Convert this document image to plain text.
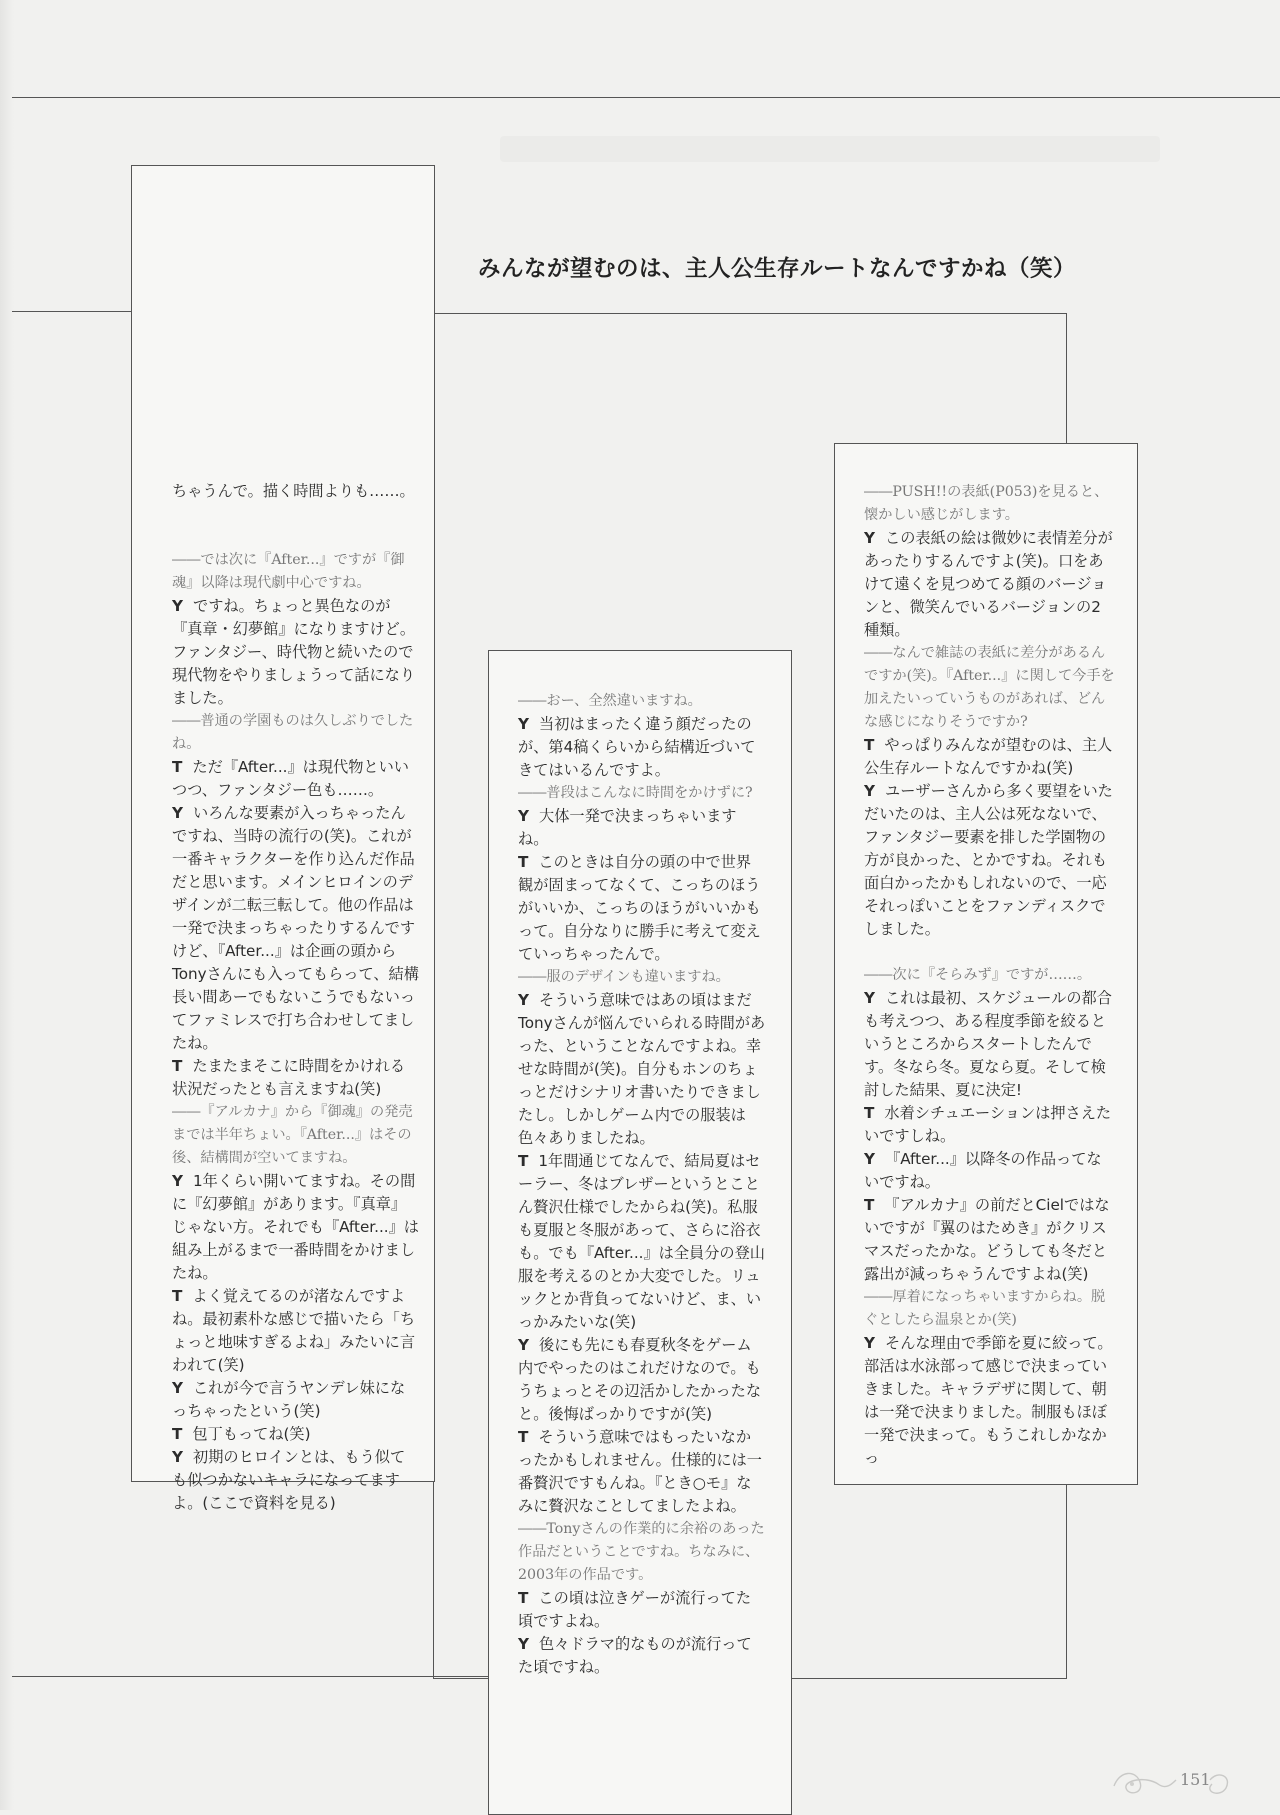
みんなが望むのは、主人公生存ルートなんですかね（笑）

ちゃうんで。描く時間よりも……。

――では次に『After...』ですが『御魂』以降は現代劇中心ですね。

Y ですね。ちょっと異色なのが『真章・幻夢館』になりますけど。ファンタジー、時代物と続いたので現代物をやりましょうって話になりました。

――普通の学園ものは久しぶりでしたね。

T ただ『After...』は現代物といいつつ、ファンタジー色も……。

Y いろんな要素が入っちゃったんですね、当時の流行の(笑)。これが一番キャラクターを作り込んだ作品だと思います。メインヒロインのデザインが二転三転して。他の作品は一発で決まっちゃったりするんですけど、『After...』は企画の頭からTonyさんにも入ってもらって、結構長い間あーでもないこうでもないってファミレスで打ち合わせしてましたね。

T たまたまそこに時間をかけれる状況だったとも言えますね(笑)

――『アルカナ』から『御魂』の発売までは半年ちょい。『After...』はその後、結構間が空いてますね。

Y 1年くらい開いてますね。その間に『幻夢館』があります。『真章』じゃない方。それでも『After...』は組み上がるまで一番時間をかけましたね。

T よく覚えてるのが渚なんですよね。最初素朴な感じで描いたら「ちょっと地味すぎるよね」みたいに言われて(笑)

Y これが今で言うヤンデレ妹になっちゃったという(笑)

T 包丁もってね(笑)

Y 初期のヒロインとは、もう似ても似つかないキャラになってますよ。(ここで資料を見る)

――おー、全然違いますね。

Y 当初はまったく違う顔だったのが、第4稿くらいから結構近づいてきてはいるんですよ。

――普段はこんなに時間をかけずに?

Y 大体一発で決まっちゃいますね。

T このときは自分の頭の中で世界観が固まってなくて、こっちのほうがいいか、こっちのほうがいいかもって。自分なりに勝手に考えて変えていっちゃったんで。

――服のデザインも違いますね。

Y そういう意味ではあの頃はまだTonyさんが悩んでいられる時間があった、ということなんですよね。幸せな時間が(笑)。自分もホンのちょっとだけシナリオ書いたりできましたし。しかしゲーム内での服装は色々ありましたね。

T 1年間通じてなんで、結局夏はセーラー、冬はブレザーというとことん贅沢仕様でしたからね(笑)。私服も夏服と冬服があって、さらに浴衣も。でも『After...』は全員分の登山服を考えるのとか大変でした。リュックとか背負ってないけど、ま、いっかみたいな(笑)

Y 後にも先にも春夏秋冬をゲーム内でやったのはこれだけなので。もうちょっとその辺活かしたかったなと。後悔ばっかりですが(笑)

T そういう意味ではもったいなかったかもしれません。仕様的には一番贅沢ですもんね。『とき○モ』なみに贅沢なことしてましたよね。

――Tonyさんの作業的に余裕のあった作品だということですね。ちなみに、2003年の作品です。

T この頃は泣きゲーが流行ってた頃ですよね。

Y 色々ドラマ的なものが流行ってた頃ですね。

――PUSH!!の表紙(P053)を見ると、懐かしい感じがします。

Y この表紙の絵は微妙に表情差分があったりするんですよ(笑)。口をあけて遠くを見つめてる顔のバージョンと、微笑んでいるバージョンの2種類。

――なんで雑誌の表紙に差分があるんですか(笑)。『After...』に関して今手を加えたいっていうものがあれば、どんな感じになりそうですか?

T やっぱりみんなが望むのは、主人公生存ルートなんですかね(笑)

Y ユーザーさんから多く要望をいただいたのは、主人公は死なないで、ファンタジー要素を排した学園物の方が良かった、とかですね。それも面白かったかもしれないので、一応それっぽいことをファンディスクでしました。

――次に『そらみず』ですが……。

Y これは最初、スケジュールの都合も考えつつ、ある程度季節を絞るというところからスタートしたんです。冬なら冬。夏なら夏。そして検討した結果、夏に決定!

T 水着シチュエーションは押さえたいですしね。

Y 『After...』以降冬の作品ってないですね。

T 『アルカナ』の前だとCielではないですが『翼のはためき』がクリスマスだったかな。どうしても冬だと露出が減っちゃうんですよね(笑)

――厚着になっちゃいますからね。脱ぐとしたら温泉とか(笑)

Y そんな理由で季節を夏に絞って。部活は水泳部って感じで決まっていきました。キャラデザに関して、朝は一発で決まりました。制服もほぼ一発で決まって。もうこれしかなかっ

151
